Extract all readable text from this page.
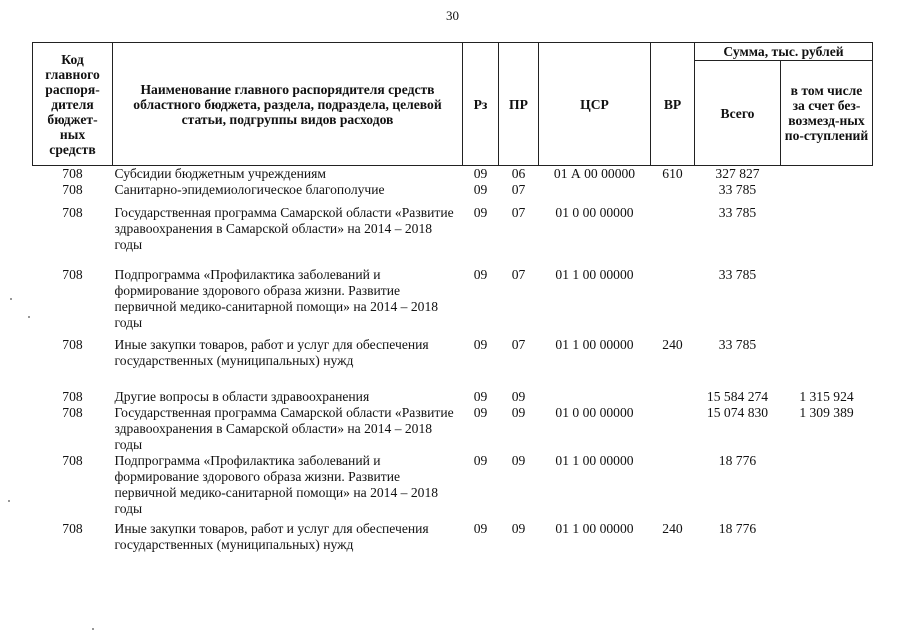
30
Код главного распоря-дителя бюджет-ных средств	Наименование главного распорядителя средств областного бюджета, раздела, подраздела, целевой статьи, подгруппы видов расходов	Рз	ПР	ЦСР	ВР	Сумма, тыс. рублей	
						Всего	в том числе за счет без-возмезд-ных по-ступлений
708	Субсидии бюджетным учреждениям	09	06	01 А 00 00000	610	327 827	
708	Санитарно-эпидемиологическое благополучие	09	07			33 785	
708	Государственная программа Самарской области «Развитие здравоохранения в Самарской области» на 2014 – 2018 годы	09	07	01 0 00 00000		33 785	
708	Подпрограмма «Профилактика заболеваний и формирование здорового образа жизни. Развитие первичной медико-санитарной помощи» на 2014 – 2018 годы	09	07	01 1 00 00000		33 785	
708	Иные закупки товаров, работ и услуг для обеспечения государственных (муниципальных) нужд	09	07	01 1 00 00000	240	33 785	
708	Другие вопросы в области здравоохранения	09	09			15 584 274	1 315 924
708	Государственная программа Самарской области «Развитие здравоохранения в Самарской области» на 2014 – 2018 годы	09	09	01 0 00 00000		15 074 830	1 309 389
708	Подпрограмма «Профилактика заболеваний и формирование здорового образа жизни. Развитие первичной медико-санитарной помощи» на 2014 – 2018 годы	09	09	01 1 00 00000		18 776	
708	Иные закупки товаров, работ и услуг для обеспечения государственных (муниципальных) нужд	09	09	01 1 00 00000	240	18 776	
